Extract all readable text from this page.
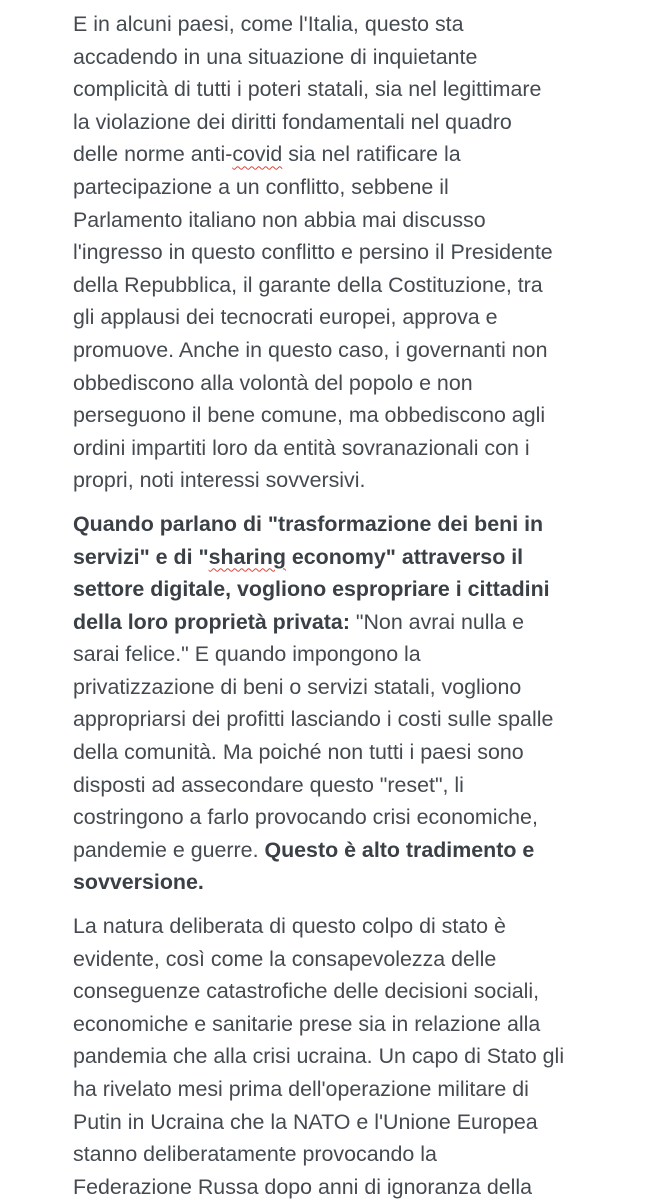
E in alcuni paesi, come l'Italia, questo sta
accadendo in una situazione di inquietante
complicità di tutti i poteri statali, sia nel legittimare
la violazione dei diritti fondamentali nel quadro
delle norme anti-covid sia nel ratificare la
partecipazione a un conflitto, sebbene il
Parlamento italiano non abbia mai discusso
l'ingresso in questo conflitto e persino il Presidente
della Repubblica, il garante della Costituzione, tra
gli applausi dei tecnocrati europei, approva e
promuove. Anche in questo caso, i governanti non
obbediscono alla volontà del popolo e non
perseguono il bene comune, ma obbediscono agli
ordini impartiti loro da entità sovranazionali con i
propri, noti interessi sovversivi.

Quando parlano di "trasformazione dei beni in
servizi" e di "sharing economy" attraverso il
settore digitale, vogliono espropriare i cittadini
della loro proprietà privata: "Non avrai nulla e
sarai felice." E quando impongono la
privatizzazione di beni o servizi statali, vogliono
appropriarsi dei profitti lasciando i costi sulle spalle
della comunità. Ma poiché non tutti i paesi sono
disposti ad assecondare questo "reset", li
costringono a farlo provocando crisi economiche,
pandemie e guerre. Questo è alto tradimento e
sovversione.

La natura deliberata di questo colpo di stato è
evidente, così come la consapevolezza delle
conseguenze catastrofiche delle decisioni sociali,
economiche e sanitarie prese sia in relazione alla
pandemia che alla crisi ucraina. Un capo di Stato gli
ha rivelato mesi prima dell'operazione militare di
Putin in Ucraina che la NATO e l'Unione Europea
stanno deliberatamente provocando la
Federazione Russa dopo anni di ignoranza della
